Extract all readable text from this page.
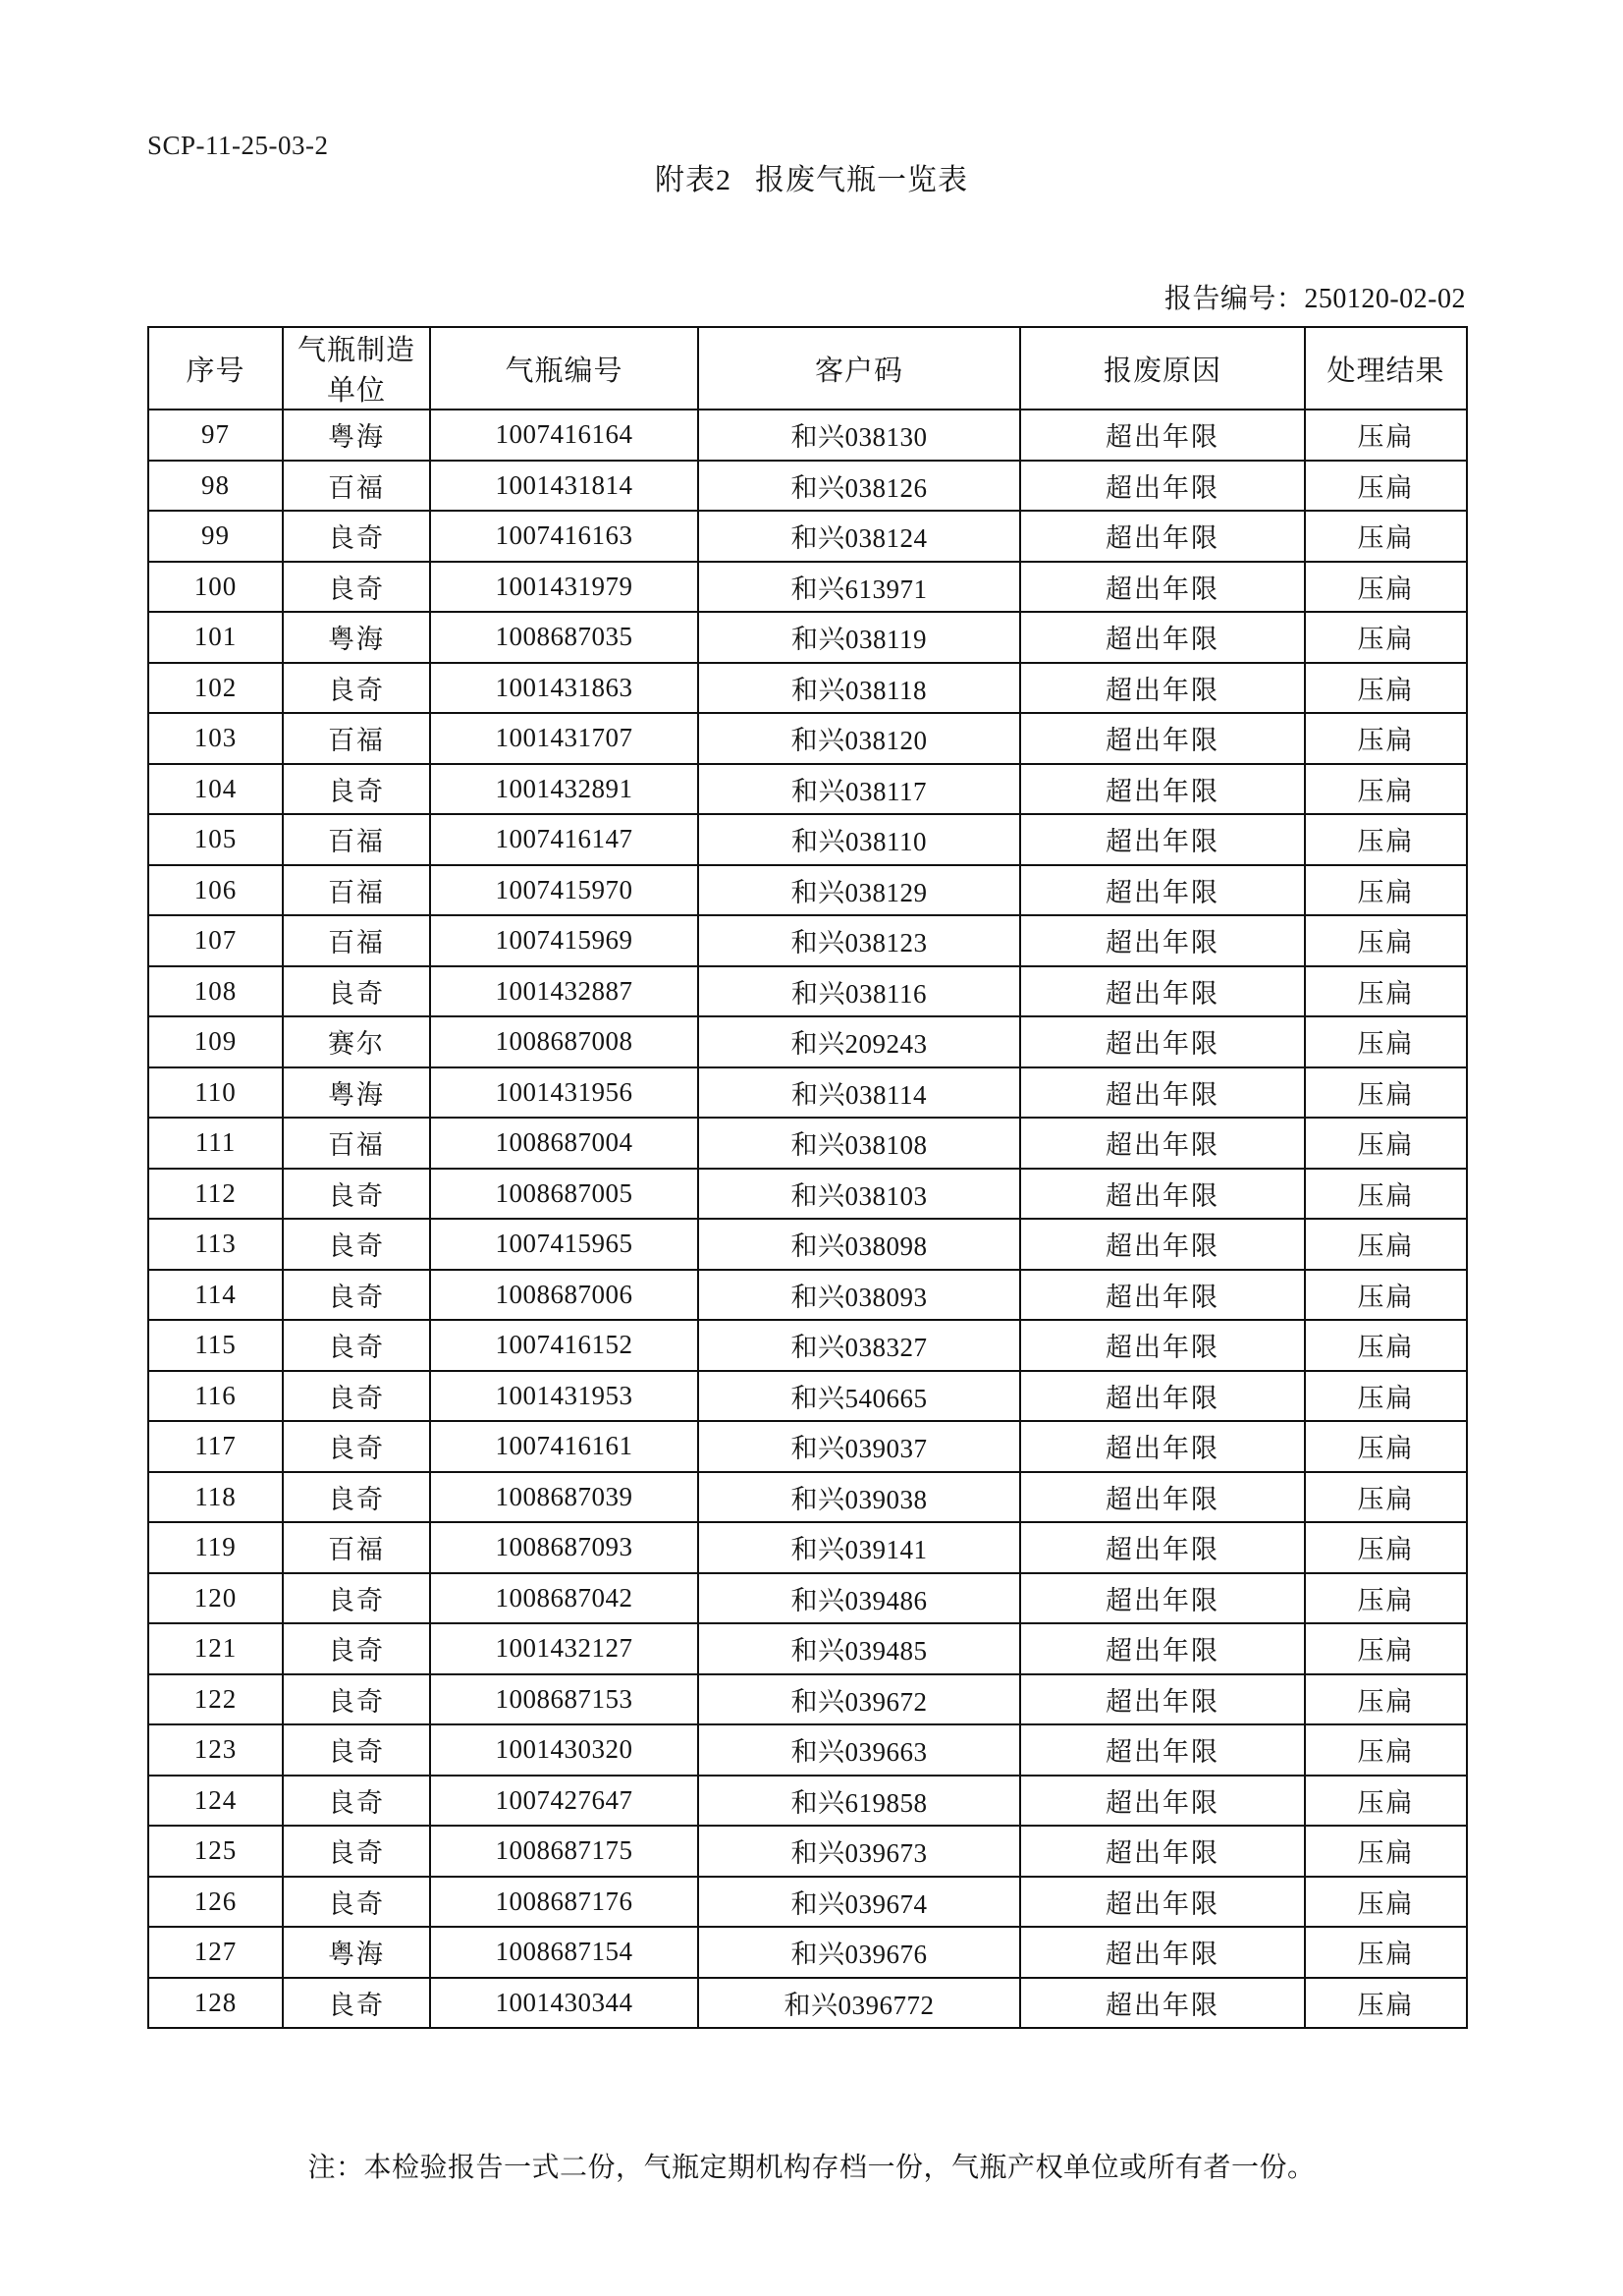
SCP-11-25-03-2
附表2 报废气瓶一览表
报告编号：250120-02-02
序号	气瓶制造单位	气瓶编号	客户码	报废原因	处理结果
97	粤海	1007416164	和兴038130	超出年限	压扁
98	百福	1001431814	和兴038126	超出年限	压扁
99	良奇	1007416163	和兴038124	超出年限	压扁
100	良奇	1001431979	和兴613971	超出年限	压扁
101	粤海	1008687035	和兴038119	超出年限	压扁
102	良奇	1001431863	和兴038118	超出年限	压扁
103	百福	1001431707	和兴038120	超出年限	压扁
104	良奇	1001432891	和兴038117	超出年限	压扁
105	百福	1007416147	和兴038110	超出年限	压扁
106	百福	1007415970	和兴038129	超出年限	压扁
107	百福	1007415969	和兴038123	超出年限	压扁
108	良奇	1001432887	和兴038116	超出年限	压扁
109	赛尔	1008687008	和兴209243	超出年限	压扁
110	粤海	1001431956	和兴038114	超出年限	压扁
111	百福	1008687004	和兴038108	超出年限	压扁
112	良奇	1008687005	和兴038103	超出年限	压扁
113	良奇	1007415965	和兴038098	超出年限	压扁
114	良奇	1008687006	和兴038093	超出年限	压扁
115	良奇	1007416152	和兴038327	超出年限	压扁
116	良奇	1001431953	和兴540665	超出年限	压扁
117	良奇	1007416161	和兴039037	超出年限	压扁
118	良奇	1008687039	和兴039038	超出年限	压扁
119	百福	1008687093	和兴039141	超出年限	压扁
120	良奇	1008687042	和兴039486	超出年限	压扁
121	良奇	1001432127	和兴039485	超出年限	压扁
122	良奇	1008687153	和兴039672	超出年限	压扁
123	良奇	1001430320	和兴039663	超出年限	压扁
124	良奇	1007427647	和兴619858	超出年限	压扁
125	良奇	1008687175	和兴039673	超出年限	压扁
126	良奇	1008687176	和兴039674	超出年限	压扁
127	粤海	1008687154	和兴039676	超出年限	压扁
128	良奇	1001430344	和兴0396772	超出年限	压扁
注：本检验报告一式二份，气瓶定期机构存档一份，气瓶产权单位或所有者一份。
